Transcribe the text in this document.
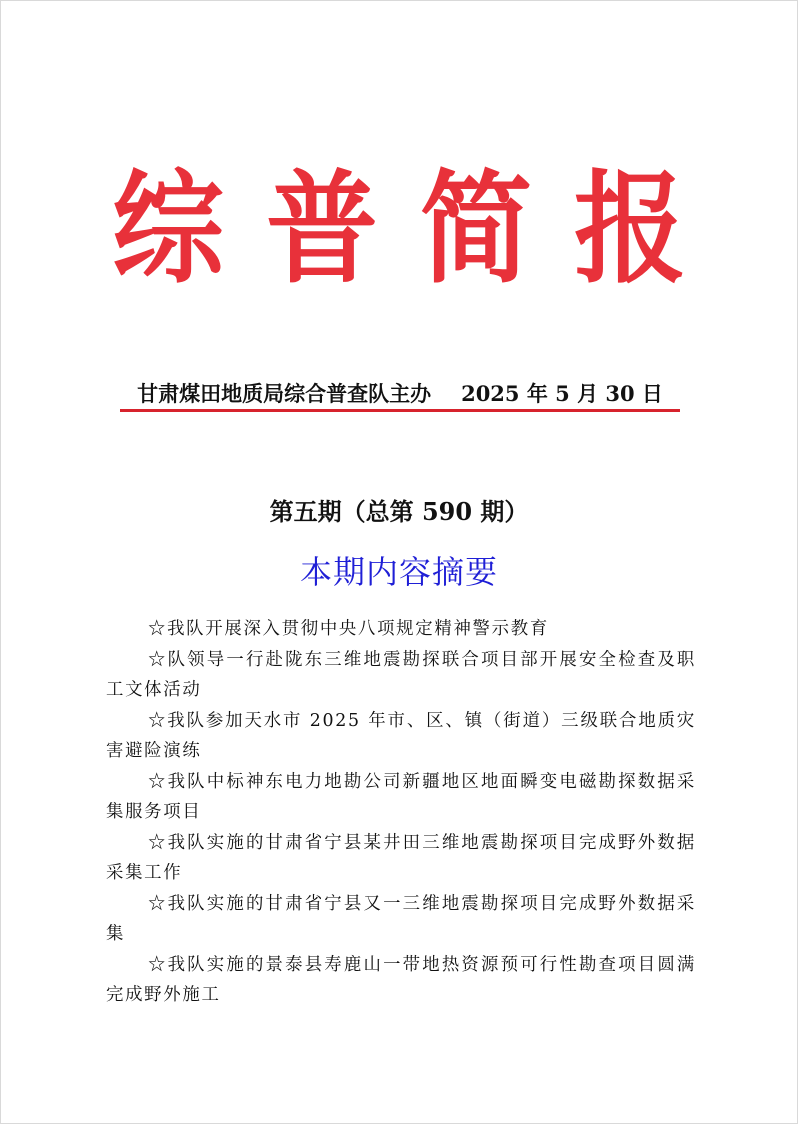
综 普 简 报
甘肃煤田地质局综合普查队主办 2025 年 5 月 30 日
第五期（总第 590 期）
本期内容摘要
☆我队开展深入贯彻中央八项规定精神警示教育
☆队领导一行赴陇东三维地震勘探联合项目部开展安全检查及职工文体活动
☆我队参加天水市 2025 年市、区、镇（街道）三级联合地质灾害避险演练
☆我队中标神东电力地勘公司新疆地区地面瞬变电磁勘探数据采集服务项目
☆我队实施的甘肃省宁县某井田三维地震勘探项目完成野外数据采集工作
☆我队实施的甘肃省宁县又一三维地震勘探项目完成野外数据采集
☆我队实施的景泰县寿鹿山一带地热资源预可行性勘查项目圆满完成野外施工
